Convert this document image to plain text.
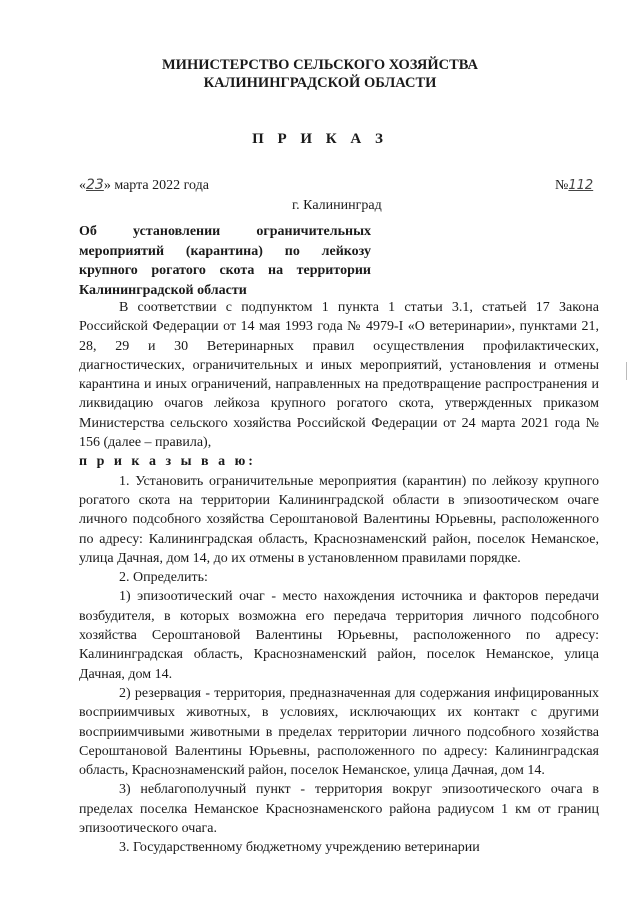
МИНИСТЕРСТВО СЕЛЬСКОГО ХОЗЯЙСТВА
КАЛИНИНГРАДСКОЙ ОБЛАСТИ
П Р И К А З
«23» марта 2022 года	№112
г. Калининград
Об установлении ограничительных мероприятий (карантина) по лейкозу крупного рогатого скота на территории Калининградской области

В соответствии с подпунктом 1 пункта 1 статьи 3.1, статьей 17 Закона Российской Федерации от 14 мая 1993 года № 4979-I «О ветеринарии», пунктами 21, 28, 29 и 30 Ветеринарных правил осуществления профилактических, диагностических, ограничительных и иных мероприятий, установления и отмены карантина и иных ограничений, направленных на предотвращение распространения и ликвидацию очагов лейкоза крупного рогатого скота, утвержденных приказом Министерства сельского хозяйства Российской Федерации от 24 марта 2021 года № 156 (далее – правила),
п р и к а з ы в а ю:

1. Установить ограничительные мероприятия (карантин) по лейкозу крупного рогатого скота на территории Калининградской области в эпизоотическом очаге личного подсобного хозяйства Сероштановой Валентины Юрьевны, расположенного по адресу: Калининградская область, Краснознаменский район, поселок Неманское, улица Дачная, дом 14, до их отмены в установленном правилами порядке.

2. Определить:

1) эпизоотический очаг - место нахождения источника и факторов передачи возбудителя, в которых возможна его передача территория личного подсобного хозяйства Сероштановой Валентины Юрьевны, расположенного по адресу: Калининградская область, Краснознаменский район, поселок Неманское, улица Дачная, дом 14.

2) резервация - территория, предназначенная для содержания инфицированных восприимчивых животных, в условиях, исключающих их контакт с другими восприимчивыми животными в пределах территории личного подсобного хозяйства Сероштановой Валентины Юрьевны, расположенного по адресу: Калининградская область, Краснознаменский район, поселок Неманское, улица Дачная, дом 14.

3) неблагополучный пункт - территория вокруг эпизоотического очага в пределах поселка Неманское Краснознаменского района радиусом 1 км от границ эпизоотического очага.

3. Государственному бюджетному учреждению ветеринарии
